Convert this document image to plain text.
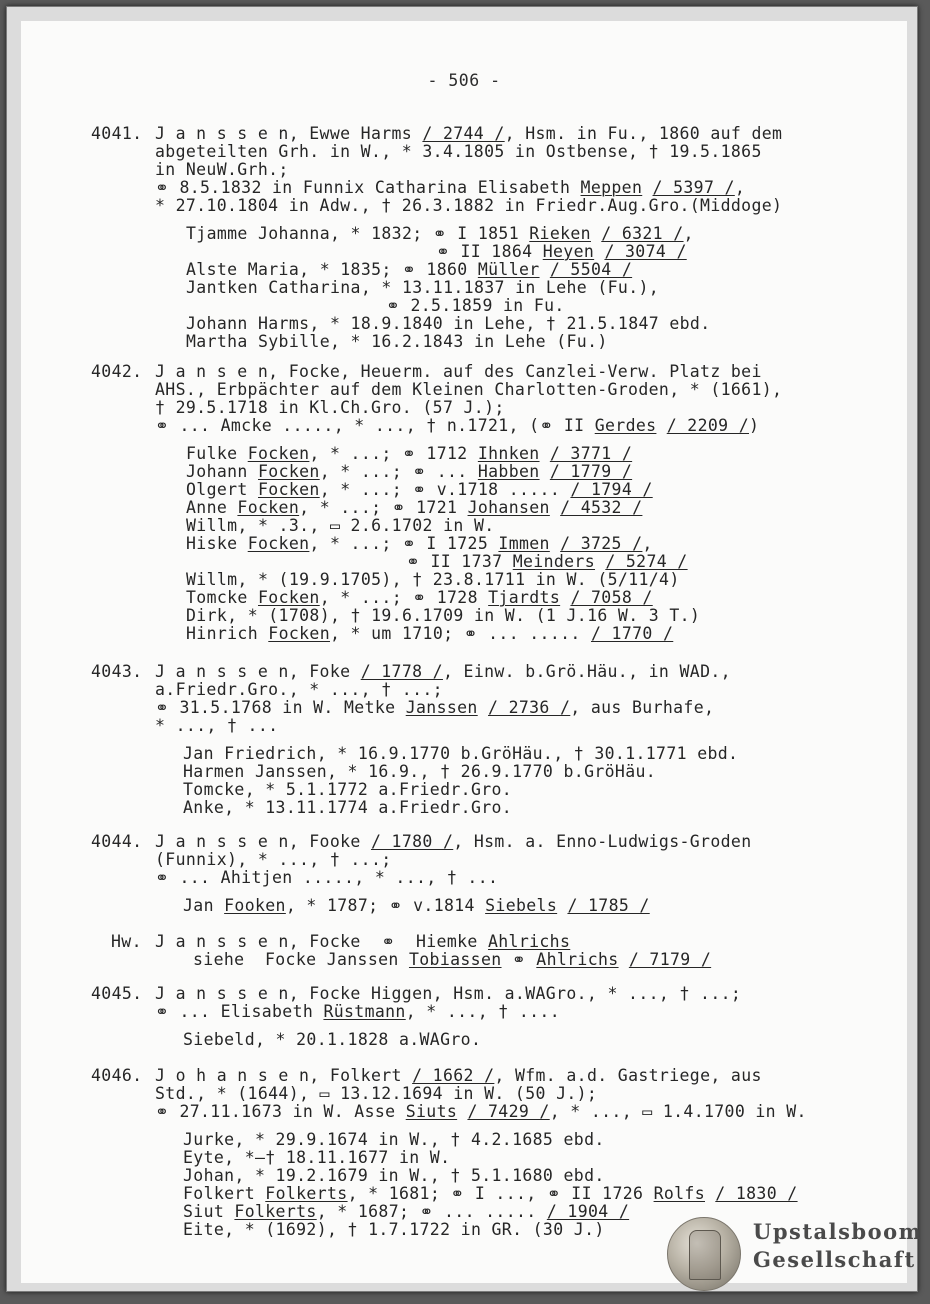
- 506 -
4041. J a n s s e n, Ewwe Harms / 2744 /, Hsm. in Fu., 1860 auf dem
abgeteilten Grh. in W., * 3.4.1805 in Ostbense, † 19.5.1865
in NeuW.Grh.;
⚭ 8.5.1832 in Funnix Catharina Elisabeth Meppen / 5397 /,
* 27.10.1804 in Adw., † 26.3.1882 in Friedr.Aug.Gro.(Middoge)
Tjamme Johanna, * 1832; ⚭ I 1851 Rieken / 6321 /,
⚭ II 1864 Heyen / 3074 /
Alste Maria, * 1835; ⚭ 1860 Müller / 5504 /
Jantken Catharina, * 13.11.1837 in Lehe (Fu.),
⚭ 2.5.1859 in Fu.
Johann Harms, * 18.9.1840 in Lehe, † 21.5.1847 ebd.
Martha Sybille, * 16.2.1843 in Lehe (Fu.)
4042. J a n s e n, Focke, Heuerm. auf des Canzlei-Verw. Platz bei
AHS., Erbpächter auf dem Kleinen Charlotten-Groden, * (1661),
† 29.5.1718 in Kl.Ch.Gro. (57 J.);
⚭ ... Amcke ....., * ..., † n.1721, (⚭ II Gerdes / 2209 /)
Fulke Focken, * ...; ⚭ 1712 Ihnken / 3771 /
Johann Focken, * ...; ⚭ ... Habben / 1779 /
Olgert Focken, * ...; ⚭ v.1718 ..... / 1794 /
Anne Focken, * ...; ⚭ 1721 Johansen / 4532 /
Willm, * .3., ▭ 2.6.1702 in W.
Hiske Focken, * ...; ⚭ I 1725 Immen / 3725 /,
⚭ II 1737 Meinders / 5274 /
Willm, * (19.9.1705), † 23.8.1711 in W. (5/11/4)
Tomcke Focken, * ...; ⚭ 1728 Tjardts / 7058 /
Dirk, * (1708), † 19.6.1709 in W. (1 J.16 W. 3 T.)
Hinrich Focken, * um 1710; ⚭ ... ..... / 1770 /
4043. J a n s s e n, Foke / 1778 /, Einw. b.Grö.Häu., in WAD.,
a.Friedr.Gro., * ..., † ...;
⚭ 31.5.1768 in W. Metke Janssen / 2736 /, aus Burhafe,
* ..., † ...
Jan Friedrich, * 16.9.1770 b.GröHäu., † 30.1.1771 ebd.
Harmen Janssen, * 16.9., † 26.9.1770 b.GröHäu.
Tomcke, * 5.1.1772 a.Friedr.Gro.
Anke, * 13.11.1774 a.Friedr.Gro.
4044. J a n s s e n, Fooke / 1780 /, Hsm. a. Enno-Ludwigs-Groden
(Funnix), * ..., † ...;
⚭ ... Ahitjen ....., * ..., † ...
Jan Fooken, * 1787; ⚭ v.1814 Siebels / 1785 /
Hw. J a n s s e n, Focke  ⚭  Hiemke Ahlrichs
siehe  Focke Janssen Tobiassen ⚭ Ahlrichs / 7179 /
4045. J a n s s e n, Focke Higgen, Hsm. a.WAGro., * ..., † ...;
⚭ ... Elisabeth Rüstmann, * ..., † ....
Siebeld, * 20.1.1828 a.WAGro.
4046. J o h a n s e n, Folkert / 1662 /, Wfm. a.d. Gastriege, aus
Std., * (1644), ▭ 13.12.1694 in W. (50 J.);
⚭ 27.11.1673 in W. Asse Siuts / 7429 /, * ..., ▭ 1.4.1700 in W.
Jurke, * 29.9.1674 in W., † 4.2.1685 ebd.
Eyte, *–† 18.11.1677 in W.
Johan, * 19.2.1679 in W., † 5.1.1680 ebd.
Folkert Folkerts, * 1681; ⚭ I ..., ⚭ II 1726 Rolfs / 1830 /
Siut Folkerts, * 1687; ⚭ ... ..... / 1904 /
Eite, * (1692), † 1.7.1722 in GR. (30 J.)	Upstalsboom
Gesellschaft
